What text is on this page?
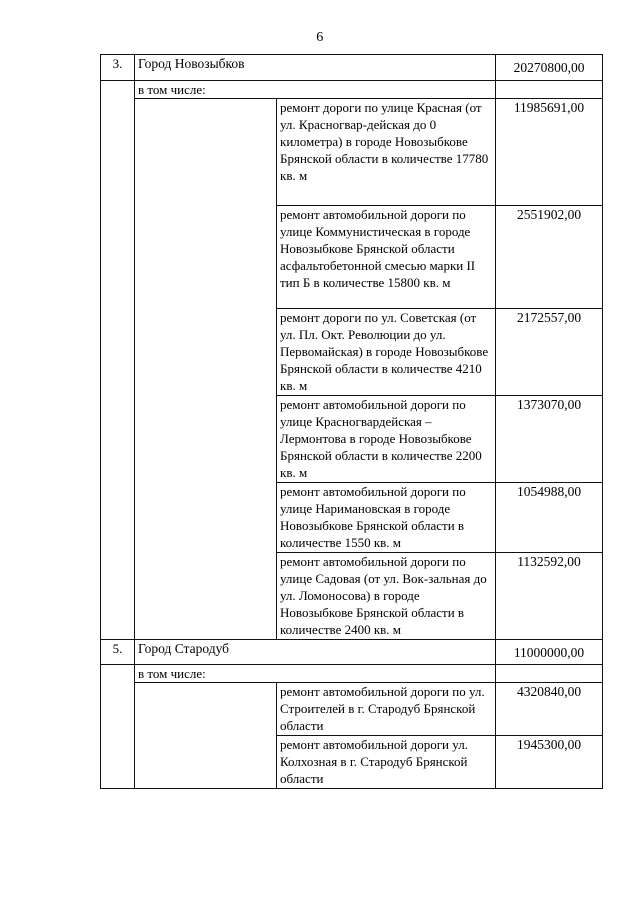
6
3.	Город Новозыбков		20270800,00
	в том числе:		
		ремонт дороги по улице Красная (от ул. Красногвар-дейская до 0 километра) в городе Новозыбкове Брянской области в количестве 17780 кв. м	11985691,00
		ремонт автомобильной дороги по улице Коммунистическая в городе Новозыбкове Брянской области асфальтобетонной смесью марки II тип Б в количестве 15800 кв. м	2551902,00
		ремонт дороги по ул. Советская (от ул. Пл. Окт. Революции до ул. Первомайская) в городе Новозыбкове Брянской области в количестве 4210 кв. м	2172557,00
		ремонт автомобильной дороги по улице Красногвардейская – Лермонтова в городе Новозыбкове Брянской области в количестве 2200 кв. м	1373070,00
		ремонт автомобильной дороги по улице Наримановская в городе Новозыбкове Брянской области в количестве 1550 кв. м	1054988,00
		ремонт автомобильной дороги по улице Садовая (от ул. Вок-зальная до ул. Ломоносова) в городе Новозыбкове Брянской области в количестве 2400 кв. м	1132592,00
5.	Город Стародуб		11000000,00
	в том числе:		
		ремонт автомобильной дороги по ул. Строителей в г. Стародуб Брянской области	4320840,00
		ремонт автомобильной дороги ул. Колхозная в г. Стародуб Брянской области	1945300,00
